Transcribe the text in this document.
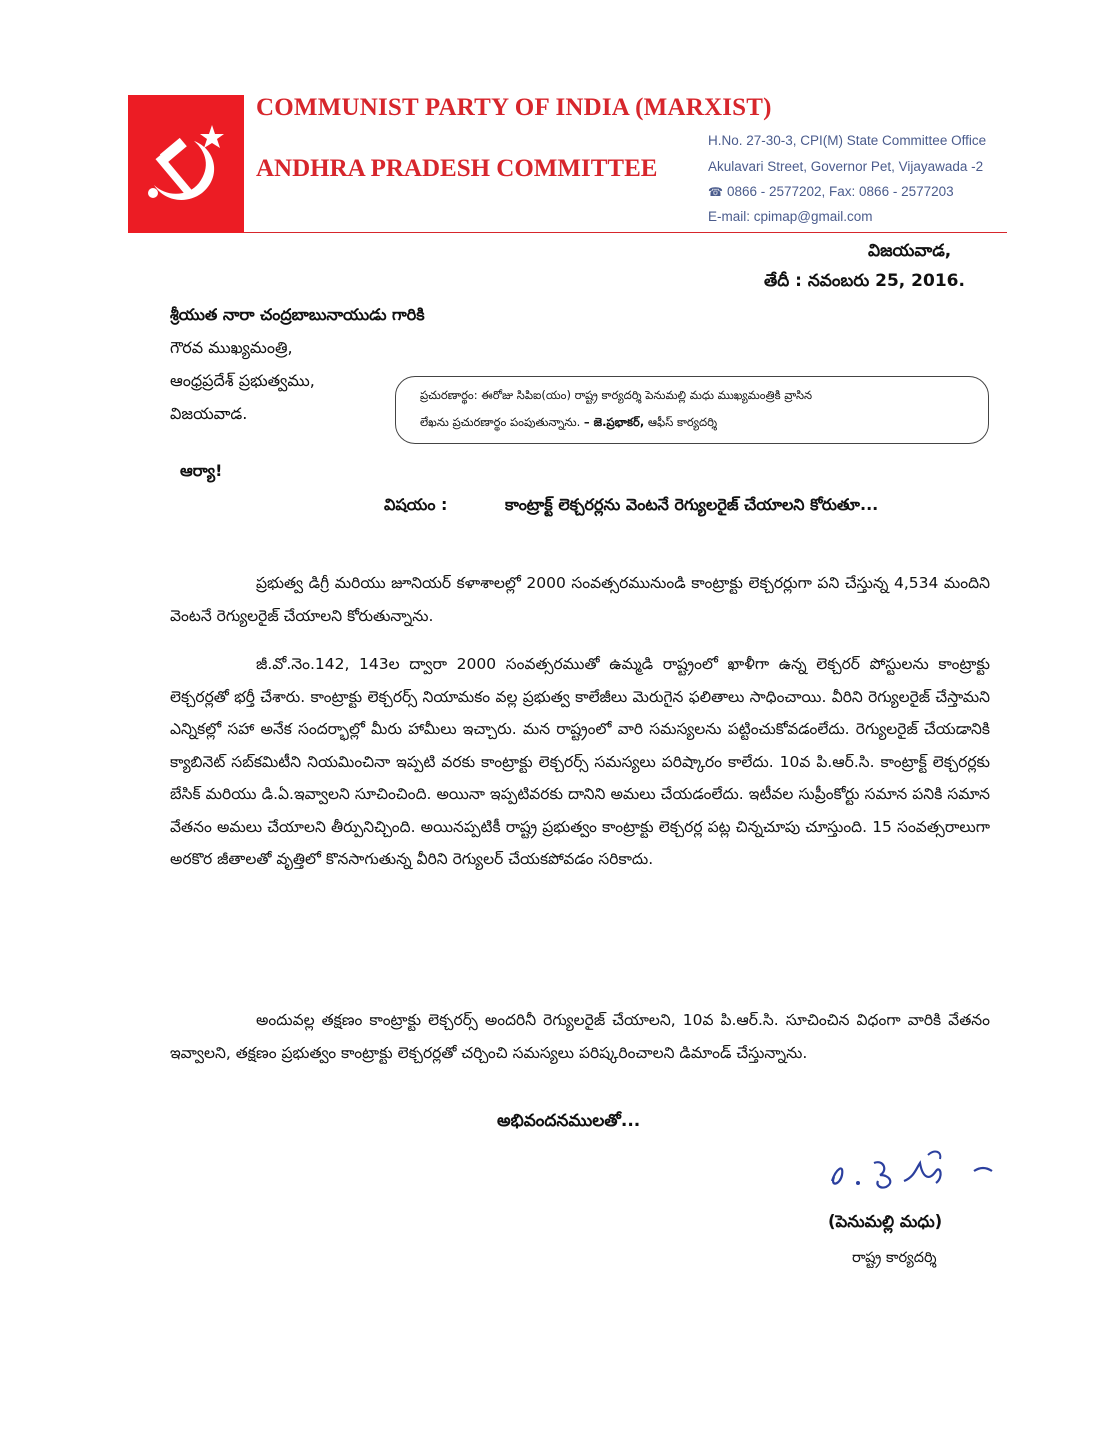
COMMUNIST PARTY OF INDIA (MARXIST)
ANDHRA PRADESH COMMITTEE
H.No. 27-30-3, CPI(M) State Committee Office
Akulavari Street, Governor Pet, Vijayawada -2
☎ 0866 - 2577202, Fax: 0866 - 2577203
E-mail: cpimap@gmail.com
విజయవాడ,
తేదీ : నవంబరు 25, 2016.
శ్రీయుత నారా చంద్రబాబునాయుడు గారికి
గౌరవ ముఖ్యమంత్రి,
ఆంధ్రప్రదేశ్ ప్రభుత్వము,
విజయవాడ.
ప్రచురణార్థం: ఈరోజు సిపిఐ(యం) రాష్ట్ర కార్యదర్శి పెనుమల్లి మధు ముఖ్యమంత్రికి వ్రాసిన
లేఖను ప్రచురణార్థం పంపుతున్నాను. – జె.ప్రభాకర్, ఆఫీస్ కార్యదర్శి
ఆర్యా!
విషయం :	కాంట్రాక్ట్ లెక్చరర్లను వెంటనే రెగ్యులరైజ్ చేయాలని కోరుతూ...
ప్రభుత్వ డిగ్రీ మరియు జూనియర్ కళాశాలల్లో 2000 సంవత్సరమునుండి కాంట్రాక్టు లెక్చరర్లుగా పని చేస్తున్న 4,534 మందిని వెంటనే రెగ్యులరైజ్ చేయాలని కోరుతున్నాను.
జీ.వో.నెం.142, 143ల ద్వారా 2000 సంవత్సరముతో ఉమ్మడి రాష్ట్రంలో ఖాళీగా ఉన్న లెక్చరర్ పోస్టులను కాంట్రాక్టు లెక్చరర్లతో భర్తీ చేశారు. కాంట్రాక్టు లెక్చరర్స్ నియామకం వల్ల ప్రభుత్వ కాలేజీలు మెరుగైన ఫలితాలు సాధించాయి. వీరిని రెగ్యులరైజ్ చేస్తామని ఎన్నికల్లో సహా అనేక సందర్భాల్లో మీరు హామీలు ఇచ్చారు. మన రాష్ట్రంలో వారి సమస్యలను పట్టించుకోవడంలేదు. రెగ్యులరైజ్ చేయడానికి క్యాబినెట్ సబ్‌కమిటీని నియమించినా ఇప్పటి వరకు కాంట్రాక్టు లెక్చరర్స్ సమస్యలు పరిష్కారం కాలేదు. 10వ పి.ఆర్.సి. కాంట్రాక్ట్ లెక్చరర్లకు బేసిక్ మరియు డి.ఏ.ఇవ్వాలని సూచించింది. అయినా ఇప్పటివరకు దానిని అమలు చేయడంలేదు. ఇటీవల సుప్రీంకోర్టు సమాన పనికి సమాన వేతనం అమలు చేయాలని తీర్పునిచ్చింది. అయినప్పటికీ రాష్ట్ర ప్రభుత్వం కాంట్రాక్టు లెక్చరర్ల పట్ల చిన్నచూపు చూస్తుంది. 15 సంవత్సరాలుగా అరకొర జీతాలతో వృత్తిలో కొనసాగుతున్న వీరిని రెగ్యులర్ చేయకపోవడం సరికాదు.
అందువల్ల తక్షణం కాంట్రాక్టు లెక్చరర్స్ అందరినీ రెగ్యులరైజ్ చేయాలని, 10వ పి.ఆర్.సి. సూచించిన విధంగా వారికి వేతనం ఇవ్వాలని, తక్షణం ప్రభుత్వం కాంట్రాక్టు లెక్చరర్లతో చర్చించి సమస్యలు పరిష్కరించాలని డిమాండ్ చేస్తున్నాను.
అభివందనములతో...
(పెనుమల్లి మధు)
రాష్ట్ర కార్యదర్శి
